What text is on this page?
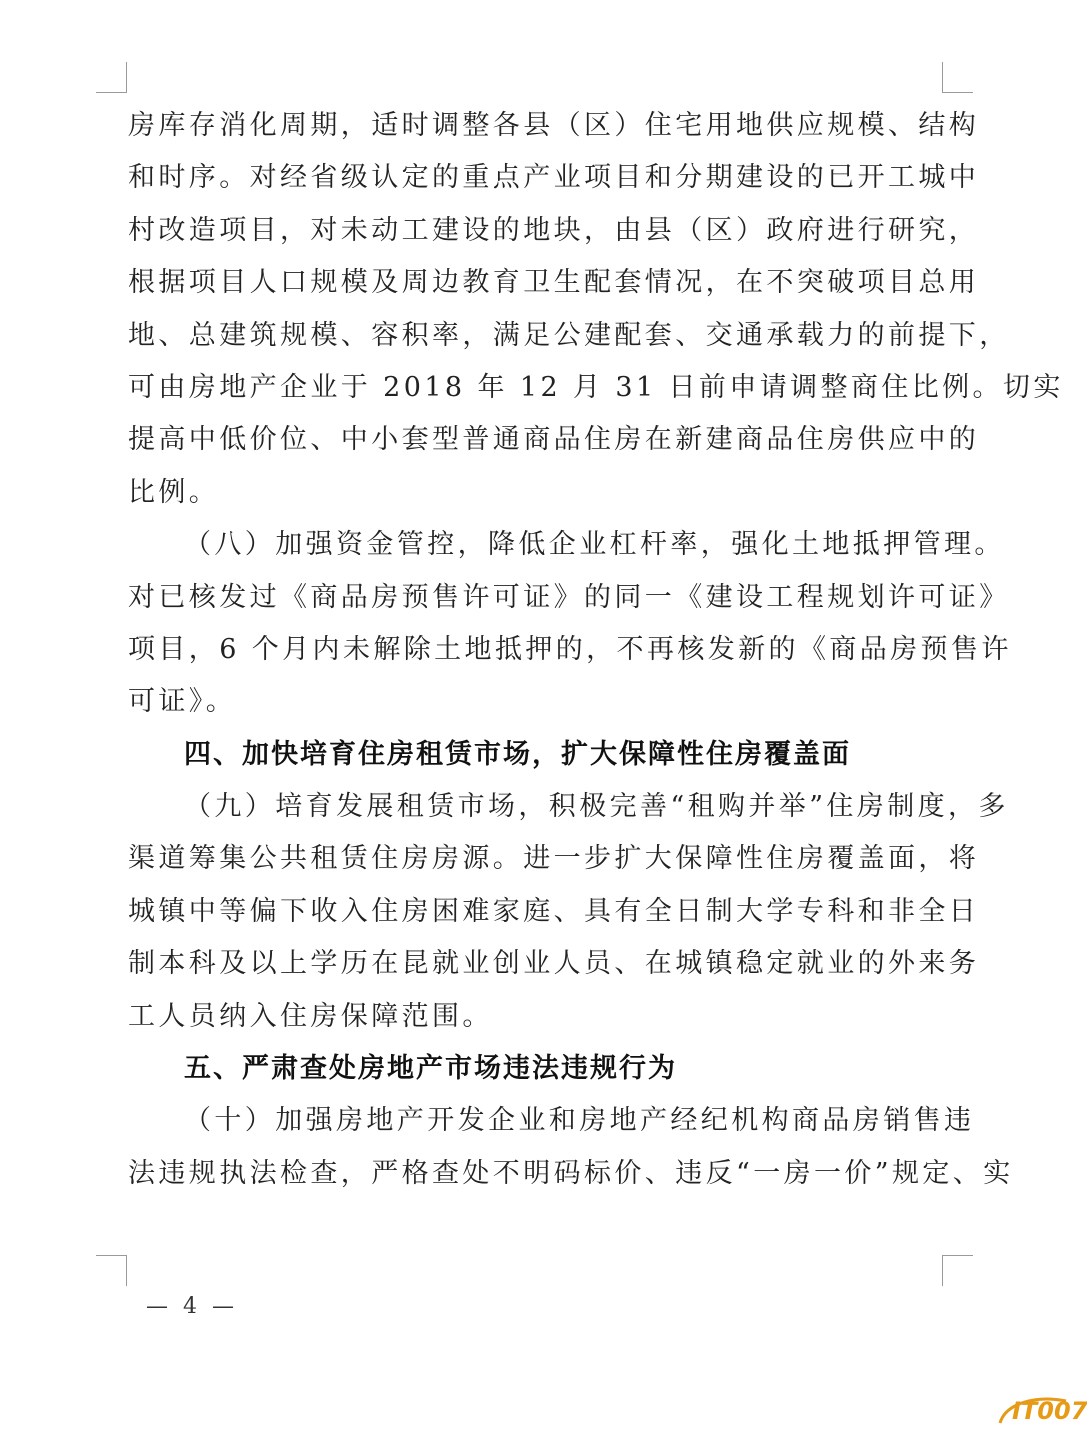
房库存消化周期，适时调整各县（区）住宅用地供应规模、结构
和时序。对经省级认定的重点产业项目和分期建设的已开工城中
村改造项目，对未动工建设的地块，由县（区）政府进行研究，
根据项目人口规模及周边教育卫生配套情况，在不突破项目总用
地、总建筑规模、容积率，满足公建配套、交通承载力的前提下，
可由房地产企业于 2018 年 12 月 31 日前申请调整商住比例。切实
提高中低价位、中小套型普通商品住房在新建商品住房供应中的
比例。
（八）加强资金管控，降低企业杠杆率，强化土地抵押管理。
对已核发过《商品房预售许可证》的同一《建设工程规划许可证》
项目，6 个月内未解除土地抵押的，不再核发新的《商品房预售许
可证》。
四、加快培育住房租赁市场，扩大保障性住房覆盖面
（九）培育发展租赁市场，积极完善“租购并举”住房制度，多
渠道筹集公共租赁住房房源。进一步扩大保障性住房覆盖面，将
城镇中等偏下收入住房困难家庭、具有全日制大学专科和非全日
制本科及以上学历在昆就业创业人员、在城镇稳定就业的外来务
工人员纳入住房保障范围。
五、严肃查处房地产市场违法违规行为
（十）加强房地产开发企业和房地产经纪机构商品房销售违
法违规执法检查，严格查处不明码标价、违反“一房一价”规定、实
— 4 —
IT007
